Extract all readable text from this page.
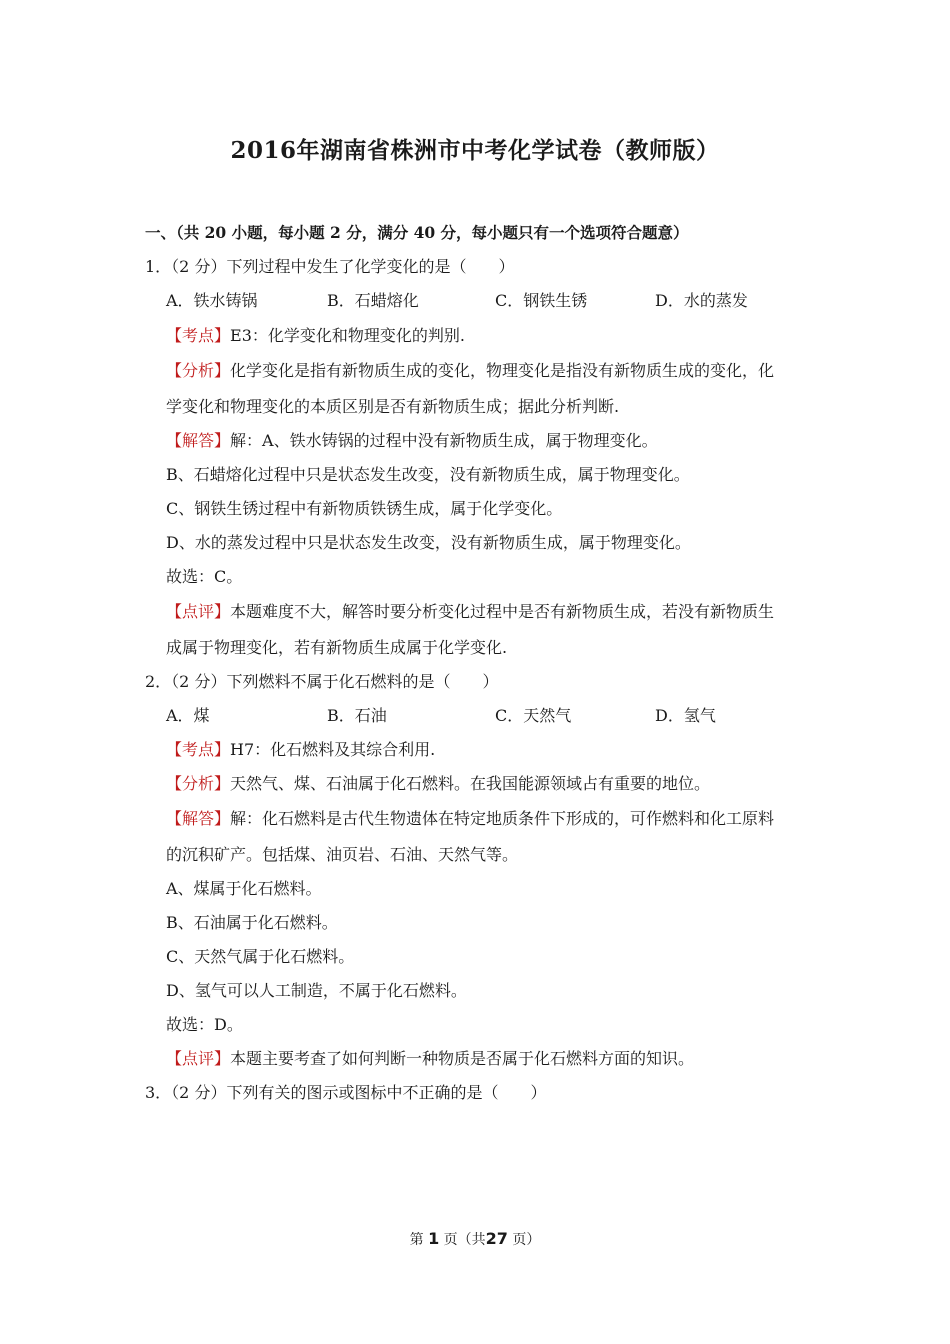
2016年湖南省株洲市中考化学试卷（教师版）
一、（共 20 小题，每小题 2 分，满分 40 分，每小题只有一个选项符合题意）
1．（2 分）下列过程中发生了化学变化的是（　　）
A．铁水铸锅	B．石蜡熔化	C．钢铁生锈	D．水的蒸发
【考点】E3：化学变化和物理变化的判别.
【分析】化学变化是指有新物质生成的变化，物理变化是指没有新物质生成的变化，化
学变化和物理变化的本质区别是否有新物质生成；据此分析判断.
【解答】解：A、铁水铸锅的过程中没有新物质生成，属于物理变化。
B、石蜡熔化过程中只是状态发生改变，没有新物质生成，属于物理变化。
C、钢铁生锈过程中有新物质铁锈生成，属于化学变化。
D、水的蒸发过程中只是状态发生改变，没有新物质生成，属于物理变化。
故选：C。
【点评】本题难度不大，解答时要分析变化过程中是否有新物质生成，若没有新物质生
成属于物理变化，若有新物质生成属于化学变化.
2．（2 分）下列燃料不属于化石燃料的是（　　）
A．煤	B．石油	C．天然气	D．氢气
【考点】H7：化石燃料及其综合利用.
【分析】天然气、煤、石油属于化石燃料。在我国能源领域占有重要的地位。
【解答】解：化石燃料是古代生物遗体在特定地质条件下形成的，可作燃料和化工原料
的沉积矿产。包括煤、油页岩、石油、天然气等。
A、煤属于化石燃料。
B、石油属于化石燃料。
C、天然气属于化石燃料。
D、氢气可以人工制造，不属于化石燃料。
故选：D。
【点评】本题主要考查了如何判断一种物质是否属于化石燃料方面的知识。
3．（2 分）下列有关的图示或图标中不正确的是（　　）
第 1 页（共27 页）
